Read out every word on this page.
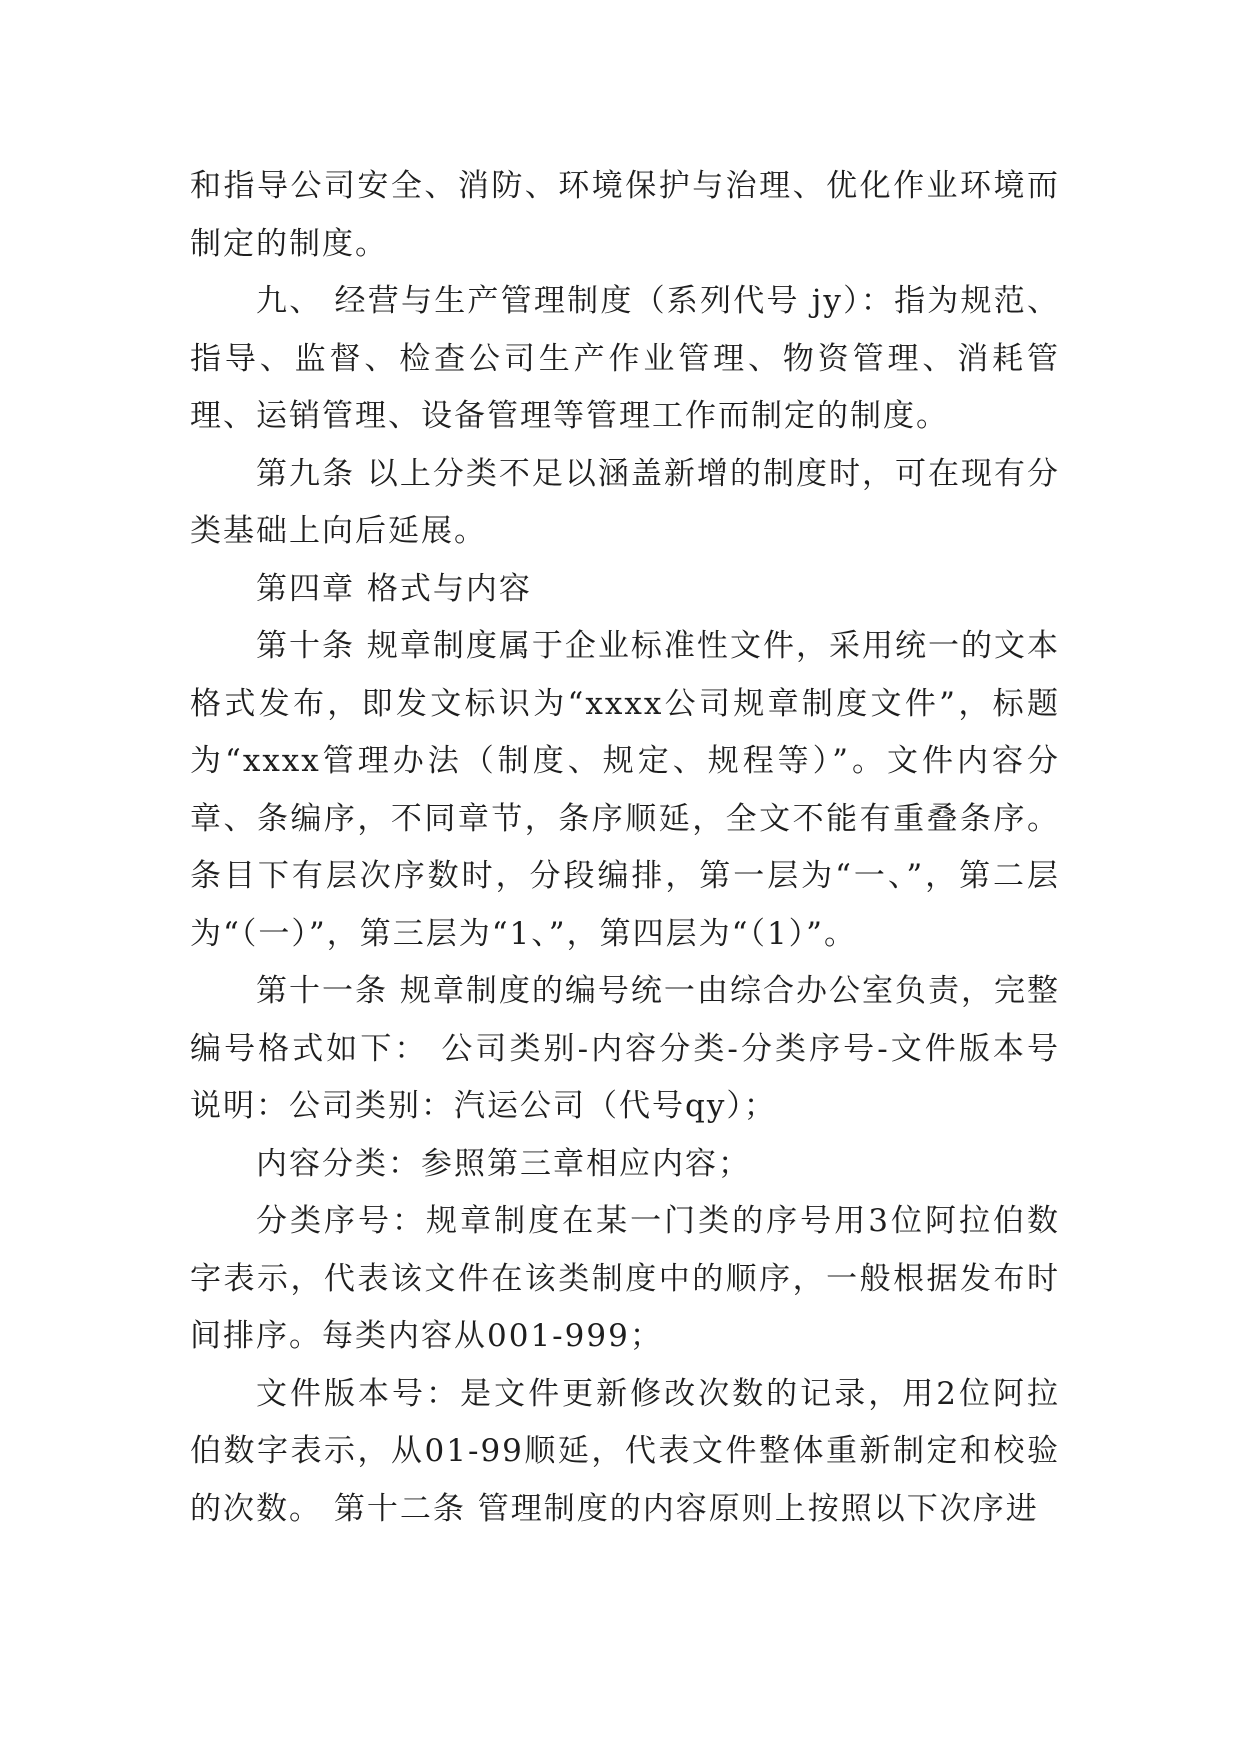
和指导公司安全、消防、环境保护与治理、优化作业环境而制定的制度。

九、 经营与生产管理制度（系列代号 jy）：指为规范、指导、监督、检查公司生产作业管理、物资管理、消耗管理、运销管理、设备管理等管理工作而制定的制度。

第九条 以上分类不足以涵盖新增的制度时，可在现有分类基础上向后延展。

第四章 格式与内容

第十条 规章制度属于企业标准性文件，采用统一的文本格式发布，即发文标识为“xxxx公司规章制度文件”，标题为“xxxx管理办法（制度、规定、规程等）”。文件内容分章、条编序，不同章节，条序顺延，全文不能有重叠条序。条目下有层次序数时，分段编排，第一层为“一、”，第二层为“（一）”，第三层为“1、”，第四层为“（1）”。

第十一条 规章制度的编号统一由综合办公室负责，完整编号格式如下： 公司类别-内容分类-分类序号-文件版本号说明：公司类别：汽运公司（代号qy）；

内容分类：参照第三章相应内容；

分类序号：规章制度在某一门类的序号用3位阿拉伯数字表示，代表该文件在该类制度中的顺序，一般根据发布时间排序。每类内容从001-999；

文件版本号：是文件更新修改次数的记录，用2位阿拉伯数字表示，从01-99顺延，代表文件整体重新制定和校验的次数。 第十二条 管理制度的内容原则上按照以下次序进
